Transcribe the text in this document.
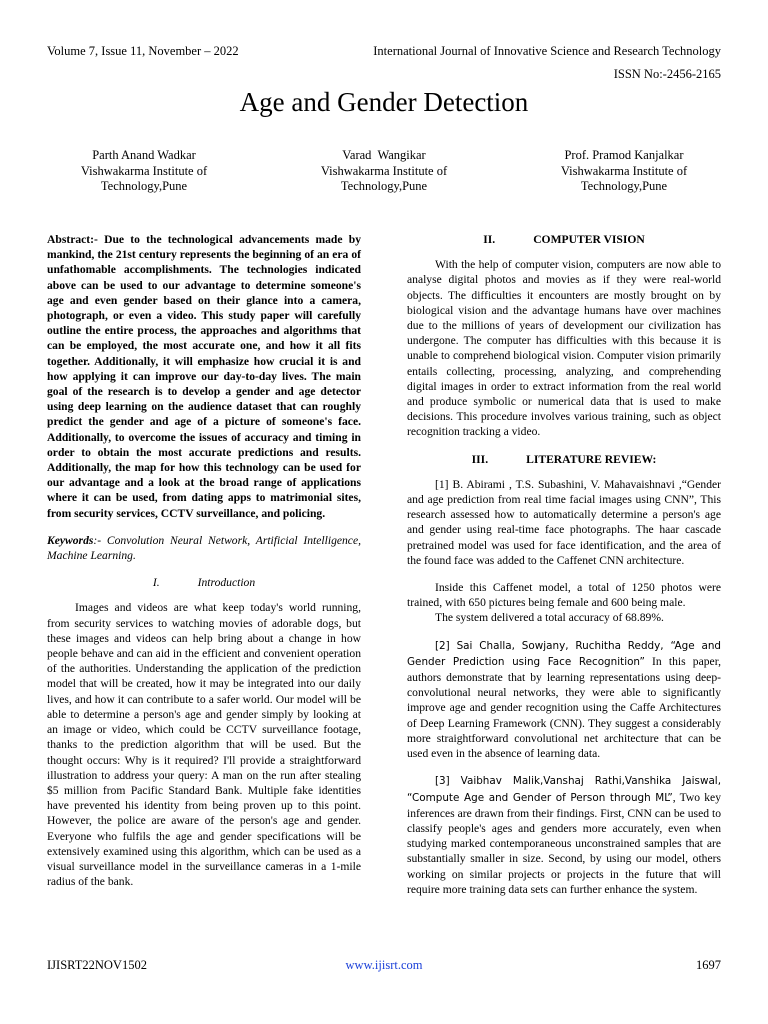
Volume 7, Issue 11, November – 2022	International Journal of Innovative Science and Research Technology
ISSN No:-2456-2165
Age and Gender Detection
Parth Anand Wadkar
Vishwakarma Institute of
Technology,Pune
Varad  Wangikar
Vishwakarma Institute of
Technology,Pune
Prof. Pramod Kanjalkar
Vishwakarma Institute of
Technology,Pune

Abstract:- Due to the technological advancements made by mankind, the 21st century represents the beginning of an era of unfathomable accomplishments. The technologies indicated above can be used to our advantage to determine someone's age and even gender based on their glance into a camera, photograph, or even a video. This study paper will carefully outline the entire process, the approaches and algorithms that can be employed, the most accurate one, and how it all fits together. Additionally, it will emphasize how crucial it is and how applying it can improve our day-to-day lives. The main goal of the research is to develop a gender and age detector using deep learning on the audience dataset that can roughly predict the gender and age of a picture of someone's face. Additionally, to overcome the issues of accuracy and timing in order to obtain the most accurate predictions and results. Additionally, the map for how this technology can be used for our advantage and a look at the broad range of applications where it can be used, from dating apps to matrimonial sites, from security services, CCTV surveillance, and policing.

Keywords:- Convolution Neural Network, Artificial Intelligence, Machine Learning.

I.	Introduction

Images and videos are what keep today's world running, from security services to watching movies of adorable dogs, but these images and videos can help bring about a change in how people behave and can aid in the efficient and convenient operation of the authorities. Understanding the application of the prediction model that will be created, how it may be integrated into our daily lives, and how it can contribute to a safer world. Our model will be able to determine a person's age and gender simply by looking at an image or video, which could be CCTV surveillance footage, thanks to the prediction algorithm that will be used. But the thought occurs: Why is it required? I'll provide a straightforward illustration to address your query: A man on the run after stealing $5 million from Pacific Standard Bank. Multiple fake identities have prevented his identity from being proven up to this point. However, the police are aware of the person's age and gender. Everyone who fulfils the age and gender specifications will be extensively examined using this algorithm, which can be used as a visual surveillance model in the surveillance cameras in a 1-mile radius of the bank.

II.	COMPUTER VISION

With the help of computer vision, computers are now able to analyse digital photos and movies as if they were real-world objects. The difficulties it encounters are mostly brought on by biological vision and the advantage humans have over machines due to the millions of years of development our civilization has undergone. The computer has difficulties with this because it is unable to comprehend biological vision. Computer vision primarily entails collecting, processing, analyzing, and comprehending digital images in order to extract information from the real world and produce symbolic or numerical data that is used to make decisions. This procedure involves various training, such as object recognition tracking a video.

III.	LITERATURE REVIEW:

[1] B. Abirami , T.S. Subashini, V. Mahavaishnavi ,“Gender and age prediction from real time facial images using CNN”, This research assessed how to automatically determine a person's age and gender using real-time face photographs. The haar cascade pretrained model was used for face identification, and the area of the found face was added to the Caffenet CNN architecture.

Inside this Caffenet model, a total of 1250 photos were trained, with 650 pictures being female and 600 being male.

The system delivered a total accuracy of 68.89%.

[2] Sai Challa, Sowjany, Ruchitha Reddy, “Age and Gender Prediction using Face Recognition” In this paper, authors demonstrate that by learning representations using deep-convolutional neural networks, they were able to significantly improve age and gender recognition using the Caffe Architectures of Deep Learning Framework (CNN). They suggest a considerably more straightforward convolutional net architecture that can be used even in the absence of learning data.

[3] Vaibhav Malik,Vanshaj Rathi,Vanshika Jaiswal, “Compute Age and Gender of Person through ML”, Two key inferences are drawn from their findings. First, CNN can be used to classify people's ages and genders more accurately, even when studying marked contemporaneous unconstrained samples that are substantially smaller in size. Second, by using our model, others working on similar projects or projects in the future that will require more training data sets can further enhance the system.

IJISRT22NOV1502	www.ijisrt.com	1697
